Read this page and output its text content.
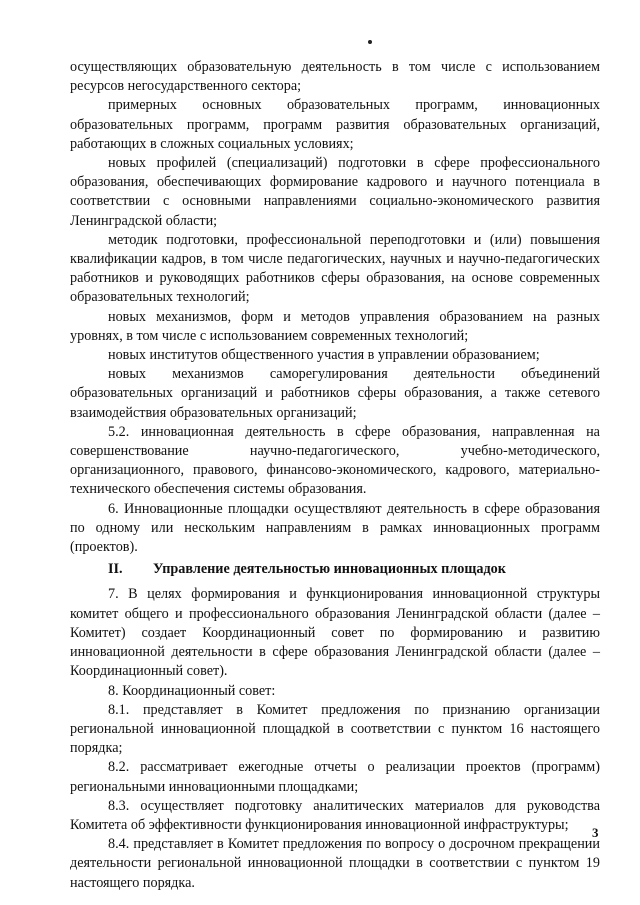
осуществляющих образовательную деятельность в том числе с использованием ресурсов негосударственного сектора;

примерных основных образовательных программ, инновационных образовательных программ, программ развития образовательных организаций, работающих в сложных социальных условиях;

новых профилей (специализаций) подготовки в сфере профессионального образования, обеспечивающих формирование кадрового и научного потенциала в соответствии с основными направлениями социально-экономического развития Ленинградской области;

методик подготовки, профессиональной переподготовки и (или) повышения квалификации кадров, в том числе педагогических, научных и научно-педагогических работников и руководящих работников сферы образования, на основе современных образовательных технологий;

новых механизмов, форм и методов управления образованием на разных уровнях, в том числе с использованием современных технологий;

новых институтов общественного участия в управлении образованием;

новых механизмов саморегулирования деятельности объединений образовательных организаций и работников сферы образования, а также сетевого взаимодействия образовательных организаций;

5.2. инновационная деятельность в сфере образования, направленная на совершенствование научно-педагогического, учебно-методического, организационного, правового, финансово-экономического, кадрового, материально-технического обеспечения системы образования.

6. Инновационные площадки осуществляют деятельность в сфере образования по одному или нескольким направлениям в рамках инновационных программ (проектов).

II. Управление деятельностью инновационных площадок

7. В целях формирования и функционирования инновационной структуры комитет общего и профессионального образования Ленинградской области (далее – Комитет) создает Координационный совет по формированию и развитию инновационной деятельности в сфере образования Ленинградской области (далее – Координационный совет).

8. Координационный совет:

8.1. представляет в Комитет предложения по признанию организации региональной инновационной площадкой в соответствии с пунктом 16 настоящего порядка;

8.2. рассматривает ежегодные отчеты о реализации проектов (программ) региональными инновационными площадками;

8.3. осуществляет подготовку аналитических материалов для руководства Комитета об эффективности функционирования инновационной инфраструктуры;

8.4. представляет в Комитет предложения по вопросу о досрочном прекращении деятельности региональной инновационной площадки в соответствии с пунктом 19 настоящего порядка.

3
